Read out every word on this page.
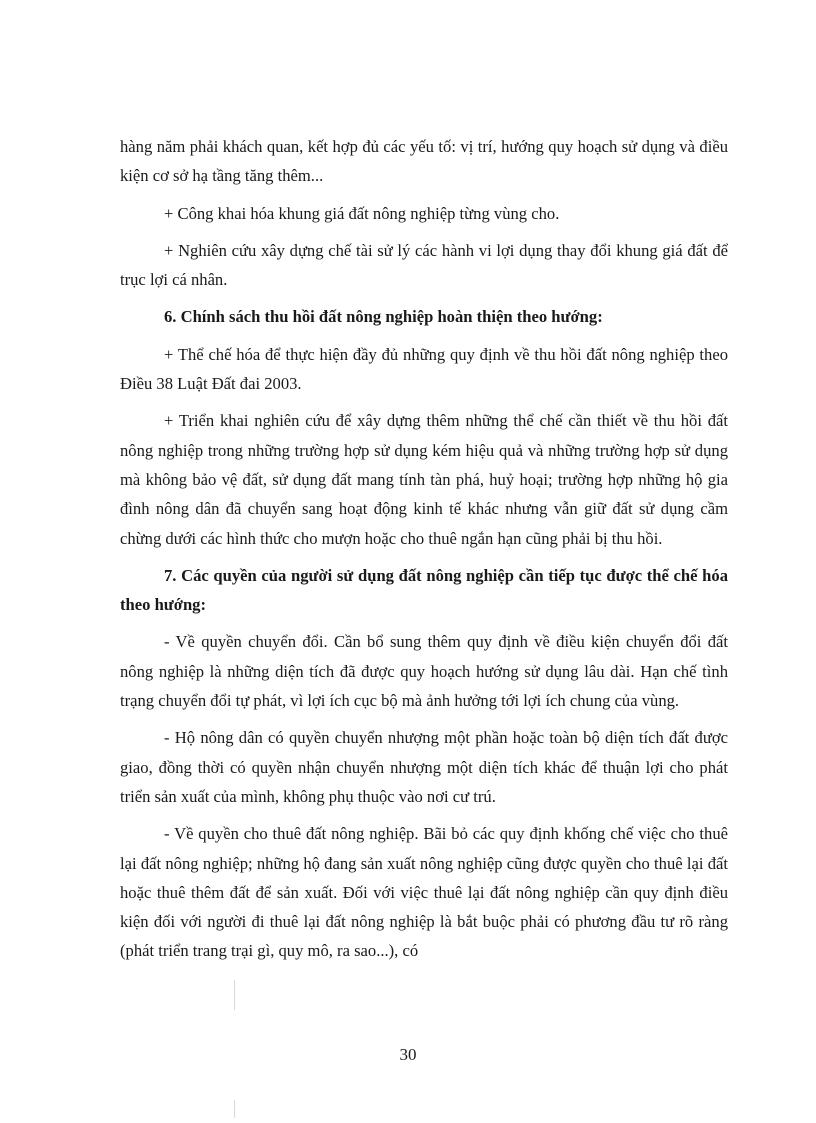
hàng năm phải khách quan, kết hợp đủ các yếu tố: vị trí, hướng quy hoạch sử dụng và điều kiện cơ sở hạ tầng tăng thêm...

+ Công khai hóa khung giá đất nông nghiệp từng vùng cho.

+ Nghiên cứu xây dựng chế tài sử lý các hành vi lợi dụng thay đổi khung giá đất để trục lợi cá nhân.

6. Chính sách thu hồi đất nông nghiệp hoàn thiện theo hướng:

+ Thể chế hóa để thực hiện đầy đủ những quy định về thu hồi đất nông nghiệp theo Điều 38 Luật Đất đai 2003.

+ Triển khai nghiên cứu để xây dựng thêm những thể chế cần thiết về thu hồi đất nông nghiệp trong những trường hợp sử dụng kém hiệu quả và những trường hợp sử dụng mà không bảo vệ đất, sử dụng đất mang tính tàn phá, huỷ hoại; trường hợp những hộ gia đình nông dân đã chuyển sang hoạt động kinh tế khác nhưng vẫn giữ đất sử dụng cầm chừng dưới các hình thức cho mượn hoặc cho thuê ngắn hạn cũng phải bị thu hồi.

7. Các quyền của người sử dụng đất nông nghiệp cần tiếp tục được thể chế hóa theo hướng:

- Về quyền chuyển đổi. Cần bổ sung thêm quy định về điều kiện chuyển đổi đất nông nghiệp là những diện tích đã được quy hoạch hướng sử dụng lâu dài. Hạn chế tình trạng chuyển đổi tự phát, vì lợi ích cục bộ mà ảnh hưởng tới lợi ích chung của vùng.

- Hộ nông dân có quyền chuyển nhượng một phần hoặc toàn bộ diện tích đất được giao, đồng thời có quyền nhận chuyển nhượng một diện tích khác để thuận lợi cho phát triển sản xuất của mình, không phụ thuộc vào nơi cư trú.

- Về quyền cho thuê đất nông nghiệp. Bãi bỏ các quy định khống chế việc cho thuê lại đất nông nghiệp; những hộ đang sản xuất nông nghiệp cũng được quyền cho thuê lại đất hoặc thuê thêm đất để sản xuất. Đối với việc thuê lại đất nông nghiệp cần quy định điều kiện đối với người đi thuê lại đất nông nghiệp là bắt buộc phải có phương đầu tư rõ ràng (phát triển trang trại gì, quy mô, ra sao...), có

30
